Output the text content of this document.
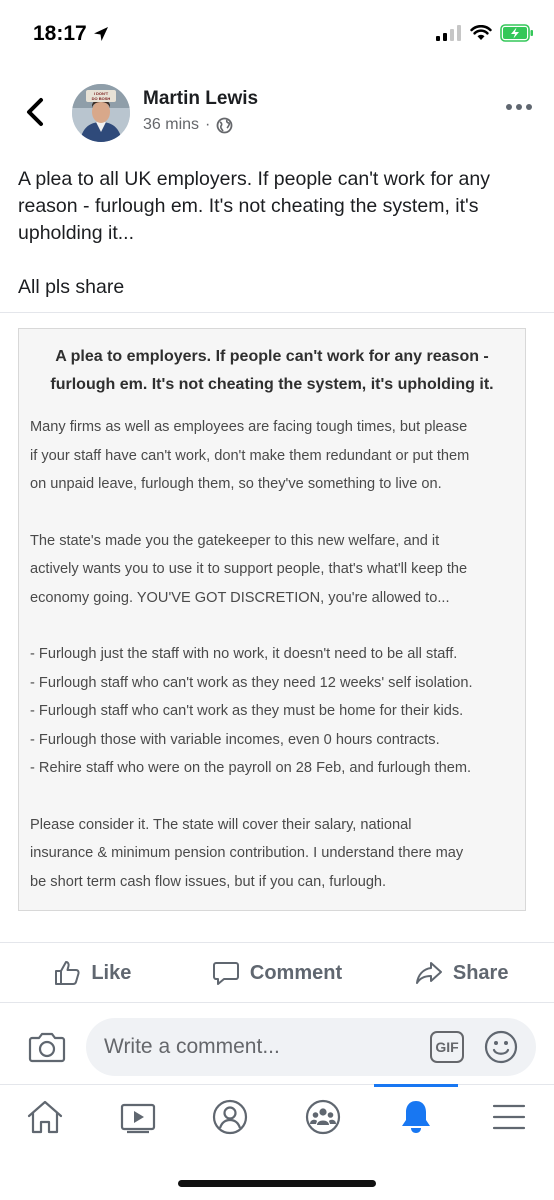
18:17
I DON'T
DO BOSH Martin Lewis
36 mins ·

A plea to all UK employers. If people can't work for any reason - furlough em. It's not cheating the system, it's upholding it...

All pls share

A plea to employers. If people can't work for any reason -
furlough em. It's not cheating the system, it's upholding it.
Many firms as well as employees are facing tough times, but please
if your staff have can't work, don't make them redundant or put them
on unpaid leave, furlough them, so they've something to live on.
The state's made you the gatekeeper to this new welfare, and it
actively wants you to use it to support people, that's what'll keep the
economy going. YOU'VE GOT DISCRETION, you're allowed to...
- Furlough just the staff with no work, it doesn't need to be all staff.
- Furlough staff who can't work as they need 12 weeks' self isolation.
- Furlough staff who can't work as they must be home for their kids.
- Furlough those with variable incomes, even 0 hours contracts.
- Rehire staff who were on the payroll on 28 Feb, and furlough them.
Please consider it. The state will cover their salary, national
insurance & minimum pension contribution. I understand there may
be short term cash flow issues, but if you can, furlough.
Like	Comment	Share
Write a comment...	GIF
